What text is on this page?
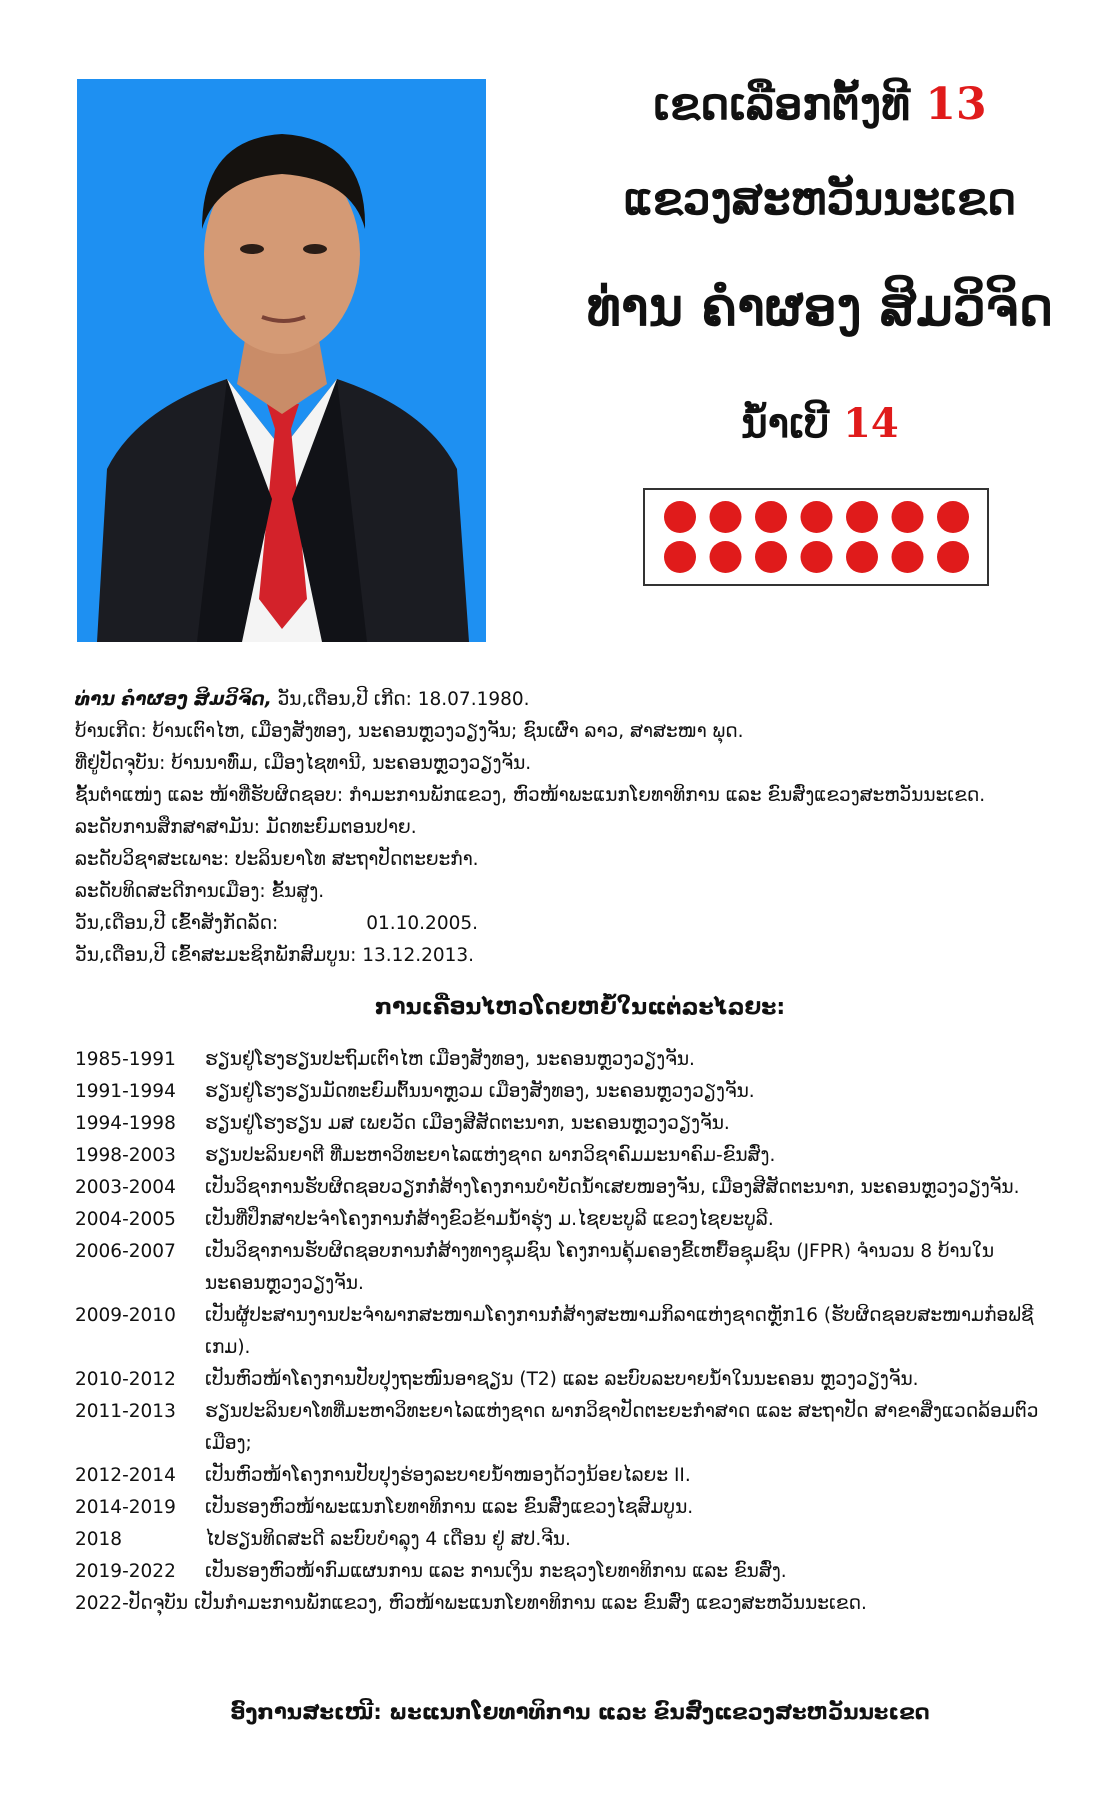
ເຂດເລືອກຕັ້ງທີ 13
ແຂວງສະຫວັນນະເຂດ
ທ່ານ ຄຳຜອງ ສິມວິຈິດ
ນ້ຳເບີ 14
ທ່ານ ຄຳຜອງ ສິມວິຈິດ, ວັນ,ເດືອນ,ປີ ເກີດ: 18.07.1980.
ບ້ານເກີດ: ບ້ານເຕົາໄຫ, ເມືອງສັງທອງ, ນະຄອນຫຼວງວຽງຈັນ; ຊົນເຜົ່າ ລາວ, ສາສະໜາ ພຸດ.
ທີ່ຢູ່ປັດຈຸບັນ: ບ້ານນາທົ່ມ, ເມືອງໄຊທານີ, ນະຄອນຫຼວງວຽງຈັນ.
ຊັ້ນຕຳແໜ່ງ ແລະ ໜ້າທີ່ຮັບຜິດຊອບ: ກຳມະການພັກແຂວງ, ຫົວໜ້າພະແນກໂຍທາທິການ ແລະ ຂົນສົ່ງແຂວງສະຫວັນນະເຂດ.
ລະດັບການສຶກສາສາມັນ: ມັດທະຍົມຕອນປາຍ.
ລະດັບວິຊາສະເພາະ: ປະລິນຍາໂທ ສະຖາປັດຕະຍະກຳ.
ລະດັບທິດສະດີການເມືອງ: ຂັ້ນສູງ.
ວັນ,ເດືອນ,ປີ ເຂົ້າສັງກັດລັດ:	01.10.2005.
ວັນ,ເດືອນ,ປີ ເຂົ້າສະມະຊິກພັກສົມບູນ: 13.12.2013.
ການເຄື່ອນໄຫວໂດຍຫຍໍ້ໃນແຕ່ລະໄລຍະ:
1985-1991	ຮຽນຢູ່ໂຮງຮຽນປະຖົມເຕົາໄຫ ເມືອງສັງທອງ, ນະຄອນຫຼວງວຽງຈັນ.
1991-1994	ຮຽນຢູ່ໂຮງຮຽນມັດທະຍົມຕົ້ນນາຫຼວມ ເມືອງສັງທອງ, ນະຄອນຫຼວງວຽງຈັນ.
1994-1998	ຮຽນຢູ່ໂຮງຮຽນ ມສ ເພຍວັດ ເມືອງສີສັດຕະນາກ, ນະຄອນຫຼວງວຽງຈັນ.
1998-2003	ຮຽນປະລິນຍາຕີ ທີ່ມະຫາວິທະຍາໄລແຫ່ງຊາດ ພາກວິຊາຄົມມະນາຄົມ-ຂົນສົ່ງ.
2003-2004	ເປັນວິຊາການຮັບຜິດຊອບວຽກກໍ່ສ້າງໂຄງການບຳບັດນ້ຳເສຍໜອງຈັນ, ເມືອງສີສັດຕະນາກ, ນະຄອນຫຼວງວຽງຈັນ.
2004-2005	ເປັນທີ່ປຶກສາປະຈຳໂຄງການກໍ່ສ້າງຂົວຂ້າມນ້ຳຮຸ່ງ ມ.ໄຊຍະບູລີ ແຂວງໄຊຍະບູລີ.
2006-2007	ເປັນວິຊາການຮັບຜິດຊອບການກໍ່ສ້າງທາງຊຸມຊົນ ໂຄງການຄຸ້ມຄອງຂີ້ເຫຍື້ອຊຸມຊົນ (JFPR) ຈຳນວນ 8 ບ້ານໃນນະຄອນຫຼວງວຽງຈັນ.
2009-2010	ເປັນຜູ້ປະສານງານປະຈຳພາກສະໜາມໂຄງການກໍ່ສ້າງສະໜາມກິລາແຫ່ງຊາດຫຼັກ16 (ຮັບຜິດຊອບສະໜາມກ໋ອຟຊີເກມ).
2010-2012	ເປັນຫົວໜ້າໂຄງການປັບປຸງຖະໜົນອາຊຽນ (T2) ແລະ ລະບົບລະບາຍນ້ຳໃນນະຄອນ ຫຼວງວຽງຈັນ.
2011-2013	ຮຽນປະລິນຍາໂທທີ່ມະຫາວິທະຍາໄລແຫ່ງຊາດ ພາກວິຊາປັດຕະຍະກຳສາດ ແລະ ສະຖາປັດ ສາຂາສິ່ງແວດລ້ອມຕົວເມືອງ;
2012-2014	ເປັນຫົວໜ້າໂຄງການປັບປຸງຮ່ອງລະບາຍນ້ຳໜອງດ້ວງນ້ອຍໄລຍະ II.
2014-2019	ເປັນຮອງຫົວໜ້າພະແນກໂຍທາທິການ ແລະ ຂົນສົ່ງແຂວງໄຊສົມບູນ.
2018	ໄປຮຽນທິດສະດີ ລະບົບບຳລຸງ 4 ເດືອນ ຢູ່ ສປ.ຈີນ.
2019-2022	ເປັນຮອງຫົວໜ້າກົມແຜນການ ແລະ ການເງິນ ກະຊວງໂຍທາທິການ ແລະ ຂົນສົ່ງ.
2022-ປັດຈຸບັນ ເປັນກຳມະການພັກແຂວງ, ຫົວໜ້າພະແນກໂຍທາທິການ ແລະ ຂົນສົ່ງ ແຂວງສະຫວັນນະເຂດ.
ອົງການສະເໜີ: ພະແນກໂຍທາທິການ ແລະ ຂົນສົ່ງແຂວງສະຫວັນນະເຂດ
